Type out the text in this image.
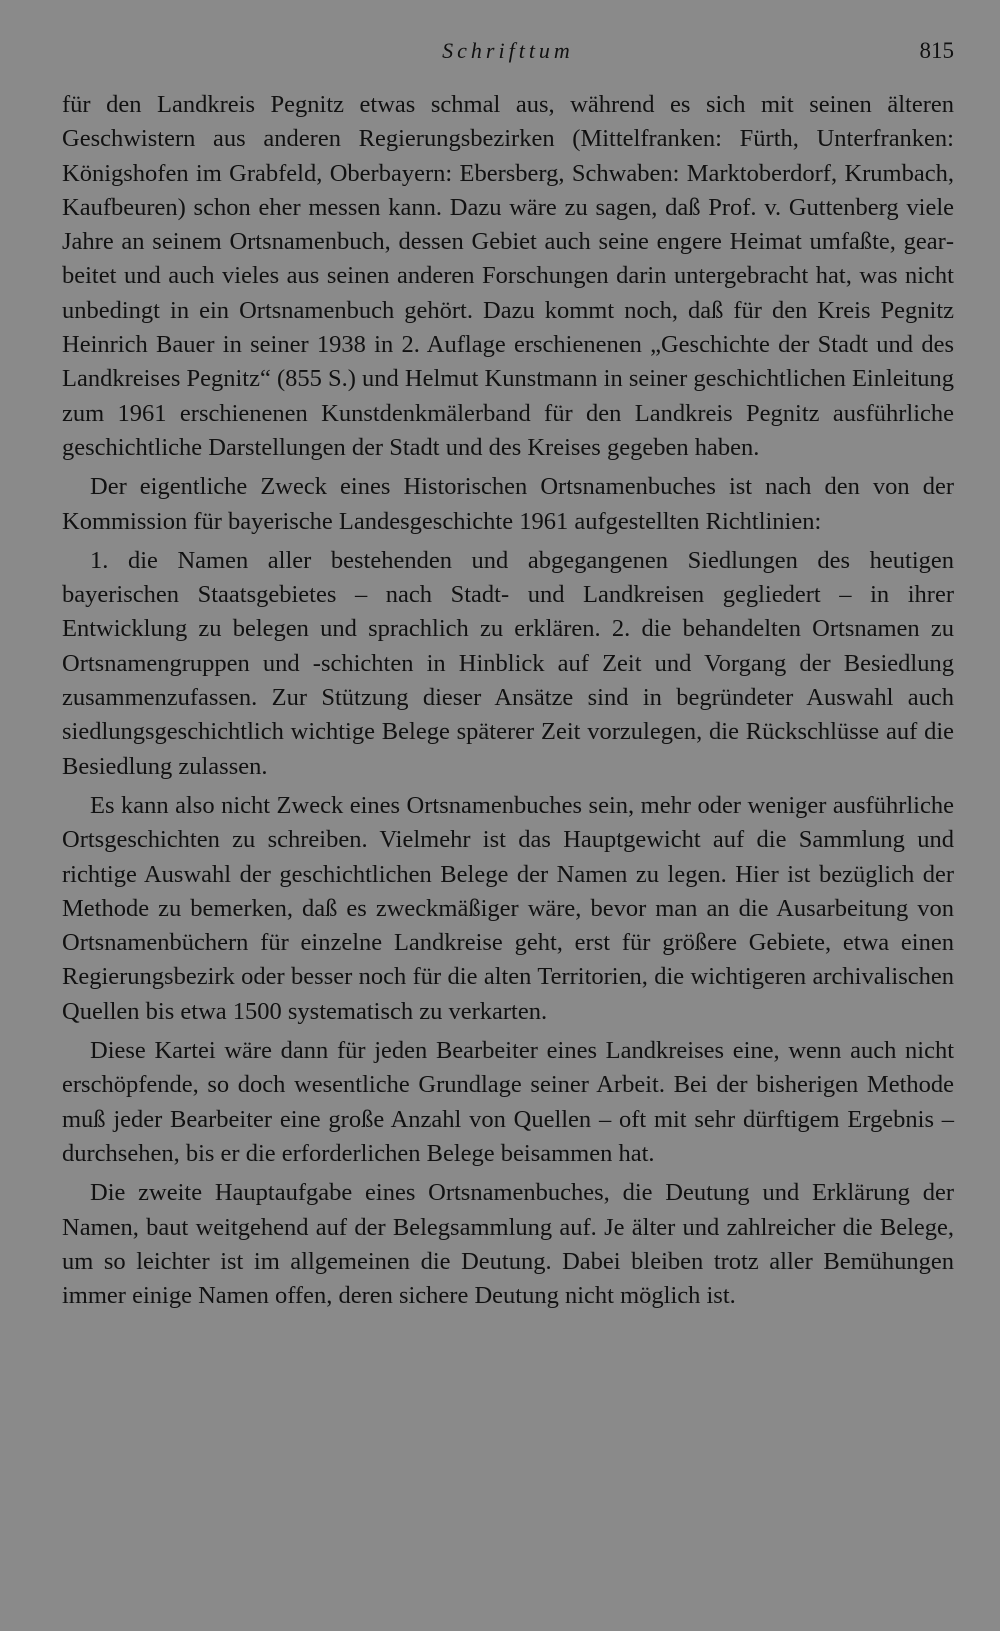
Schrifttum	815

für den Landkreis Pegnitz etwas schmal aus, während es sich mit seinen älteren Geschwistern aus anderen Regierungsbezirken (Mittelfranken: Fürth, Unterfranken: Königshofen im Grabfeld, Oberbayern: Ebersberg, Schwaben: Marktoberdorf, Krumbach, Kaufbeuren) schon eher messen kann. Dazu wäre zu sagen, daß Prof. v. Guttenberg viele Jahre an seinem Ortsnamenbuch, dessen Gebiet auch seine engere Heimat umfaßte, gearbeitet und auch vieles aus seinen anderen Forschungen darin untergebracht hat, was nicht unbedingt in ein Ortsnamenbuch gehört. Dazu kommt noch, daß für den Kreis Pegnitz Heinrich Bauer in seiner 1938 in 2. Auflage erschienenen „Geschichte der Stadt und des Landkreises Pegnitz“ (855 S.) und Helmut Kunstmann in seiner geschichtlichen Einleitung zum 1961 erschienenen Kunstdenkmälerband für den Landkreis Pegnitz ausführliche geschichtliche Darstellungen der Stadt und des Kreises gegeben haben.

Der eigentliche Zweck eines Historischen Ortsnamenbuches ist nach den von der Kommission für bayerische Landesgeschichte 1961 aufgestellten Richtlinien:

1. die Namen aller bestehenden und abgegangenen Siedlungen des heutigen bayerischen Staatsgebietes – nach Stadt- und Landkreisen gegliedert – in ihrer Entwicklung zu belegen und sprachlich zu erklären. 2. die behandelten Ortsnamen zu Ortsnamengruppen und -schichten in Hinblick auf Zeit und Vorgang der Besiedlung zusammenzufassen. Zur Stützung dieser Ansätze sind in begründeter Auswahl auch siedlungsgeschichtlich wichtige Belege späterer Zeit vorzulegen, die Rückschlüsse auf die Besiedlung zulassen.

Es kann also nicht Zweck eines Ortsnamenbuches sein, mehr oder weniger ausführliche Ortsgeschichten zu schreiben. Vielmehr ist das Hauptgewicht auf die Sammlung und richtige Auswahl der geschichtlichen Belege der Namen zu legen. Hier ist bezüglich der Methode zu bemerken, daß es zweckmäßiger wäre, bevor man an die Ausarbeitung von Ortsnamenbüchern für einzelne Landkreise geht, erst für größere Gebiete, etwa einen Regierungsbezirk oder besser noch für die alten Territorien, die wichtigeren archivalischen Quellen bis etwa 1500 systematisch zu verkarten.

Diese Kartei wäre dann für jeden Bearbeiter eines Landkreises eine, wenn auch nicht erschöpfende, so doch wesentliche Grundlage seiner Arbeit. Bei der bisherigen Methode muß jeder Bearbeiter eine große Anzahl von Quellen – oft mit sehr dürftigem Ergebnis – durchsehen, bis er die erforderlichen Belege beisammen hat.

Die zweite Hauptaufgabe eines Ortsnamenbuches, die Deutung und Erklärung der Namen, baut weitgehend auf der Belegsammlung auf. Je älter und zahlreicher die Belege, um so leichter ist im allgemeinen die Deutung. Dabei bleiben trotz aller Bemühungen immer einige Namen offen, deren sichere Deutung nicht möglich ist.
